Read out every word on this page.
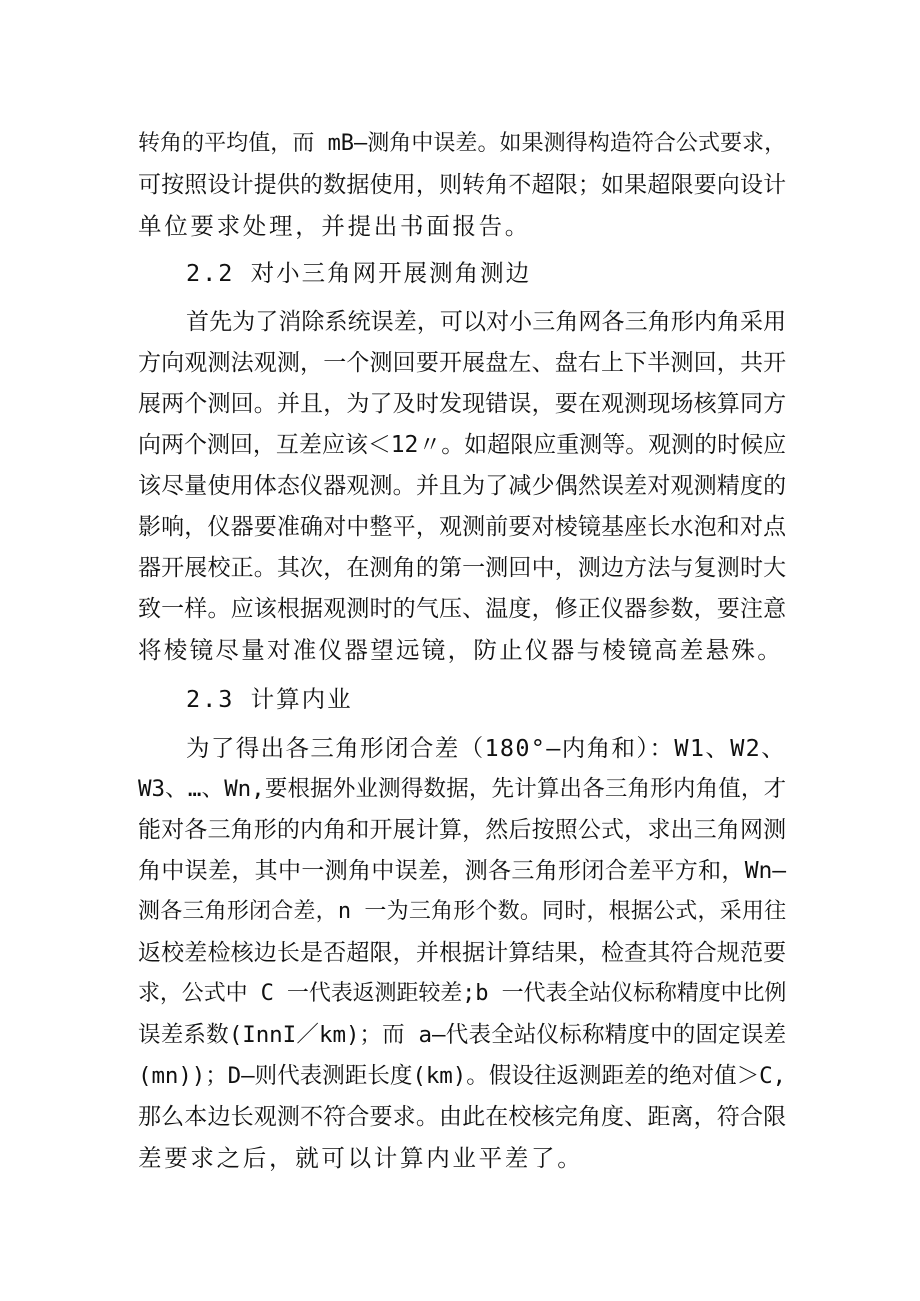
转角的平均值，而 mB—测角中误差。如果测得构造符合公式要求，
可按照设计提供的数据使用，则转角不超限；如果超限要向设计
单位要求处理，并提出书面报告。
2.2 对小三角网开展测角测边
首先为了消除系统误差，可以对小三角网各三角形内角采用
方向观测法观测，一个测回要开展盘左、盘右上下半测回，共开
展两个测回。并且，为了及时发现错误，要在观测现场核算同方
向两个测回，互差应该＜12〃。如超限应重测等。观测的时候应
该尽量使用体态仪器观测。并且为了减少偶然误差对观测精度的
影响，仪器要准确对中整平，观测前要对棱镜基座长水泡和对点
器开展校正。其次，在测角的第一测回中，测边方法与复测时大
致一样。应该根据观测时的气压、温度，修正仪器参数，要注意
将棱镜尽量对准仪器望远镜，防止仪器与棱镜高差悬殊。
2.3 计算内业
为了得出各三角形闭合差（180°—内角和）：W1、W2、
W3、…、Wn,要根据外业测得数据，先计算出各三角形内角值，才
能对各三角形的内角和开展计算，然后按照公式，求出三角网测
角中误差，其中一测角中误差，测各三角形闭合差平方和，Wn—
测各三角形闭合差，n 一为三角形个数。同时，根据公式，采用往
返校差检核边长是否超限，并根据计算结果，检查其符合规范要
求，公式中 C 一代表返测距较差;b 一代表全站仪标称精度中比例
误差系数(InnI／km)；而 a—代表全站仪标称精度中的固定误差
(mn))；D—则代表测距长度(km)。假设往返测距差的绝对值＞C,
那么本边长观测不符合要求。由此在校核完角度、距离，符合限
差要求之后，就可以计算内业平差了。
